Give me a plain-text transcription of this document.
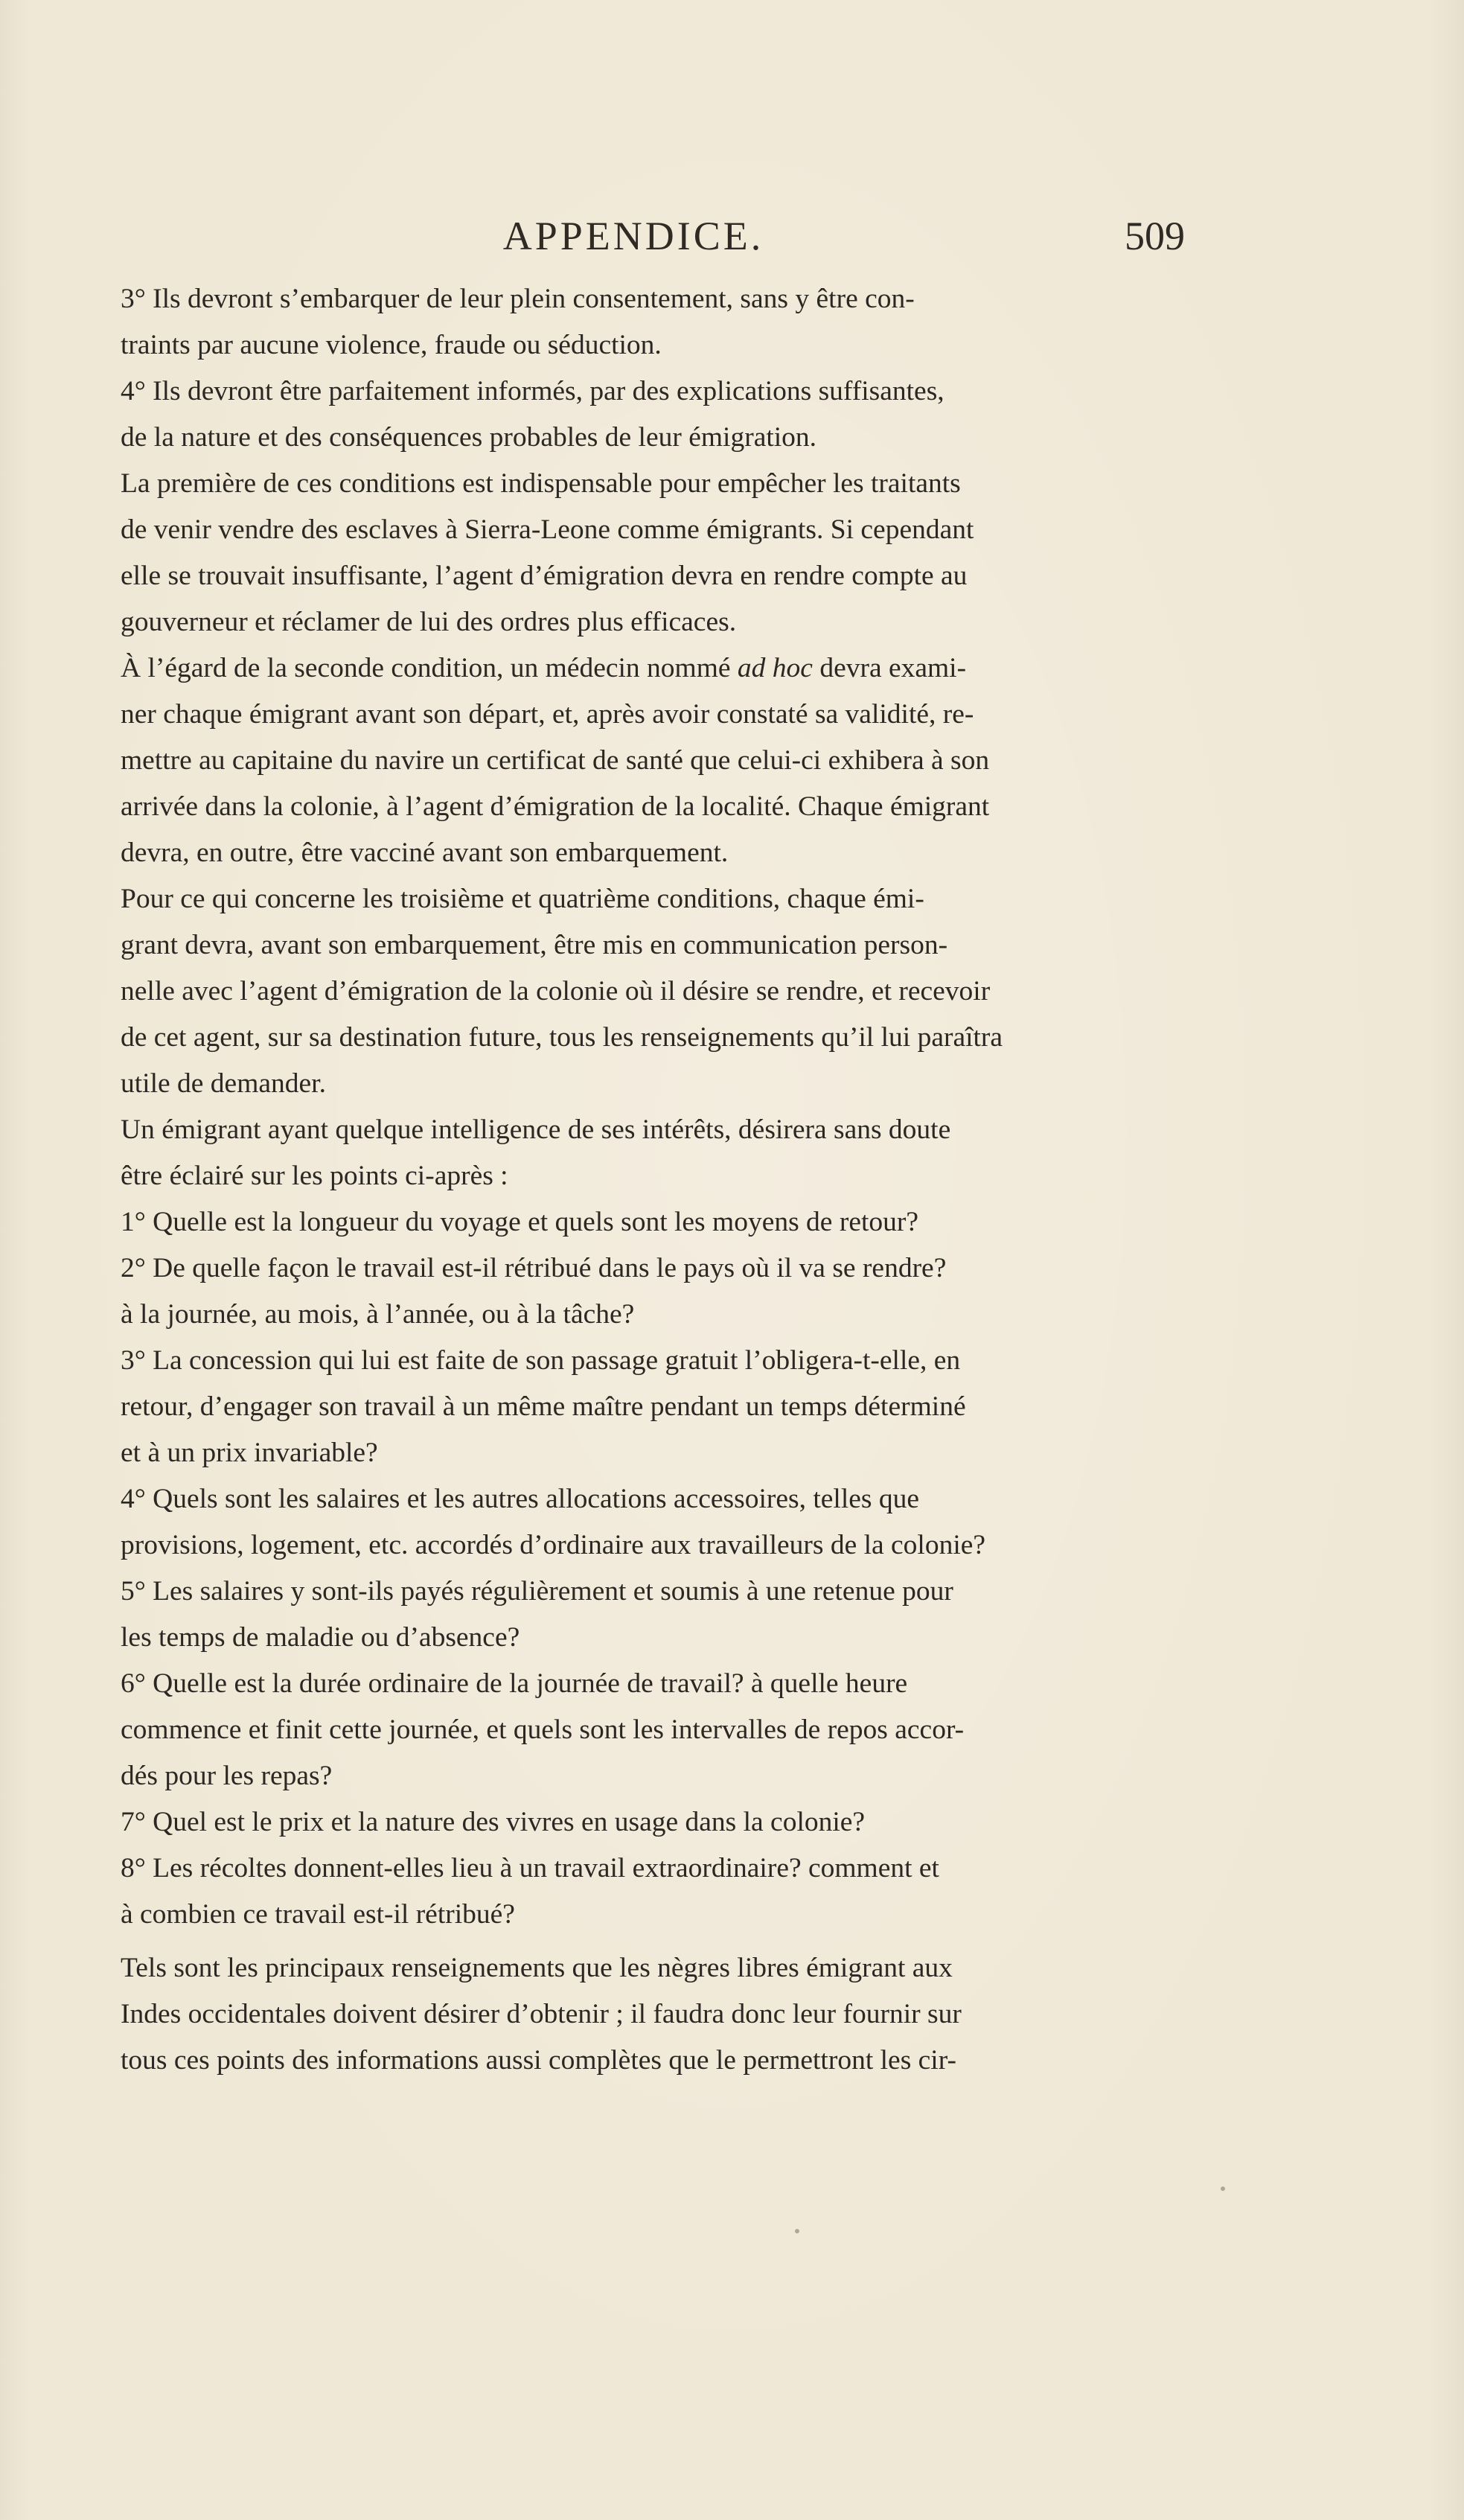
APPENDICE.	509

3° Ils devront s’embarquer de leur plein consentement, sans y être con-
traints par aucune violence, fraude ou séduction.

4° Ils devront être parfaitement informés, par des explications suffisantes,
de la nature et des conséquences probables de leur émigration.

La première de ces conditions est indispensable pour empêcher les traitants
de venir vendre des esclaves à Sierra-Leone comme émigrants. Si cependant
elle se trouvait insuffisante, l’agent d’émigration devra en rendre compte au
gouverneur et réclamer de lui des ordres plus efficaces.

À l’égard de la seconde condition, un médecin nommé ad hoc devra exami-
ner chaque émigrant avant son départ, et, après avoir constaté sa validité, re-
mettre au capitaine du navire un certificat de santé que celui-ci exhibera à son
arrivée dans la colonie, à l’agent d’émigration de la localité. Chaque émigrant
devra, en outre, être vacciné avant son embarquement.

Pour ce qui concerne les troisième et quatrième conditions, chaque émi-
grant devra, avant son embarquement, être mis en communication person-
nelle avec l’agent d’émigration de la colonie où il désire se rendre, et recevoir
de cet agent, sur sa destination future, tous les renseignements qu’il lui paraîtra
utile de demander.

Un émigrant ayant quelque intelligence de ses intérêts, désirera sans doute
être éclairé sur les points ci-après :

1° Quelle est la longueur du voyage et quels sont les moyens de retour?

2° De quelle façon le travail est-il rétribué dans le pays où il va se rendre?
à la journée, au mois, à l’année, ou à la tâche?

3° La concession qui lui est faite de son passage gratuit l’obligera-t-elle, en
retour, d’engager son travail à un même maître pendant un temps déterminé
et à un prix invariable?

4° Quels sont les salaires et les autres allocations accessoires, telles que
provisions, logement, etc. accordés d’ordinaire aux travailleurs de la colonie?

5° Les salaires y sont-ils payés régulièrement et soumis à une retenue pour
les temps de maladie ou d’absence?

6° Quelle est la durée ordinaire de la journée de travail? à quelle heure
commence et finit cette journée, et quels sont les intervalles de repos accor-
dés pour les repas?

7° Quel est le prix et la nature des vivres en usage dans la colonie?

8° Les récoltes donnent-elles lieu à un travail extraordinaire? comment et
à combien ce travail est-il rétribué?

Tels sont les principaux renseignements que les nègres libres émigrant aux
Indes occidentales doivent désirer d’obtenir ; il faudra donc leur fournir sur
tous ces points des informations aussi complètes que le permettront les cir-
